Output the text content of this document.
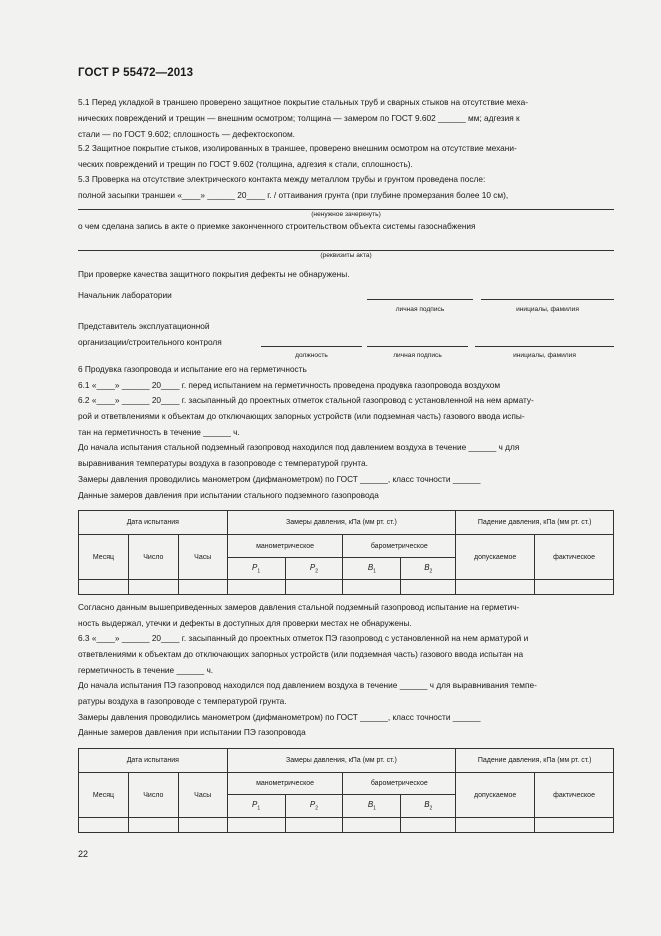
ГОСТ Р 55472—2013
5.1 Перед укладкой в траншею проверено защитное покрытие стальных труб и сварных стыков на отсутствие меха-
нических повреждений и трещин — внешним осмотром; толщина — замером по ГОСТ 9.602 ______ мм; адгезия к
стали — по ГОСТ 9.602; сплошность — дефектоскопом.
5.2 Защитное покрытие стыков, изолированных в траншее, проверено внешним осмотром на отсутствие механи-
ческих повреждений и трещин по ГОСТ 9.602 (толщина, адгезия к стали, сплошность).
5.3 Проверка на отсутствие электрического контакта между металлом трубы и грунтом проведена после:
полной засыпки траншеи «____» ______ 20____ г. / оттаивания грунта (при глубине промерзания более 10 см),
(ненужное зачеркнуть)
о чем сделана запись в акте о приемке законченного строительством объекта системы газоснабжения
(реквизиты акта)
При проверке качества защитного покрытия дефекты не обнаружены.
Начальник лаборатории
личная подпись	инициалы, фамилия
Представитель эксплуатационной
организации/строительного контроля
должность	личная подпись	инициалы, фамилия
6 Продувка газопровода и испытание его на герметичность
6.1 «____» ______ 20____ г. перед испытанием на герметичность проведена продувка газопровода воздухом
6.2 «____» ______ 20____ г. засыпанный до проектных отметок стальной газопровод с установленной на нем армату-
рой и ответвлениями к объектам до отключающих запорных устройств (или подземная часть) газового ввода испы-
тан на герметичность в течение ______ ч.
До начала испытания стальной подземный газопровод находился под давлением воздуха в течение ______ ч для
выравнивания температуры воздуха в газопроводе с температурой грунта.
Замеры давления проводились манометром (дифманометром) по ГОСТ ______, класс точности ______
Данные замеров давления при испытании стального подземного газопровода
Дата испытания			Замеры давления, кПа (мм рт. ст.)				Падение давления, кПа (мм рт. ст.)	
Месяц	Число	Часы	манометрическое		барометрическое		допускаемое	фактическое
			$P_1$	$P_2$	$B_1$	$B_2$

Согласно данным вышеприведенных замеров давления стальной подземный газопровод испытание на герметич-
ность выдержал, утечки и дефекты в доступных для проверки местах не обнаружены.
6.3 «____» ______ 20____ г. засыпанный до проектных отметок ПЭ газопровод с установленной на нем арматурой и
ответвлениями к объектам до отключающих запорных устройств (или подземная часть) газового ввода испытан на
герметичность в течение ______ ч.
До начала испытания ПЭ газопровод находился под давлением воздуха в течение ______ ч для выравнивания темпе-
ратуры воздуха в газопроводе с температурой грунта.
Замеры давления проводились манометром (дифманометром) по ГОСТ ______, класс точности ______
Данные замеров давления при испытании ПЭ газопровода
Дата испытания			Замеры давления, кПа (мм рт. ст.)				Падение давления, кПа (мм рт. ст.)	
Месяц	Число	Часы	манометрическое		барометрическое		допускаемое	фактическое
			$P_1$	$P_2$	$B_1$	$B_2$

22
